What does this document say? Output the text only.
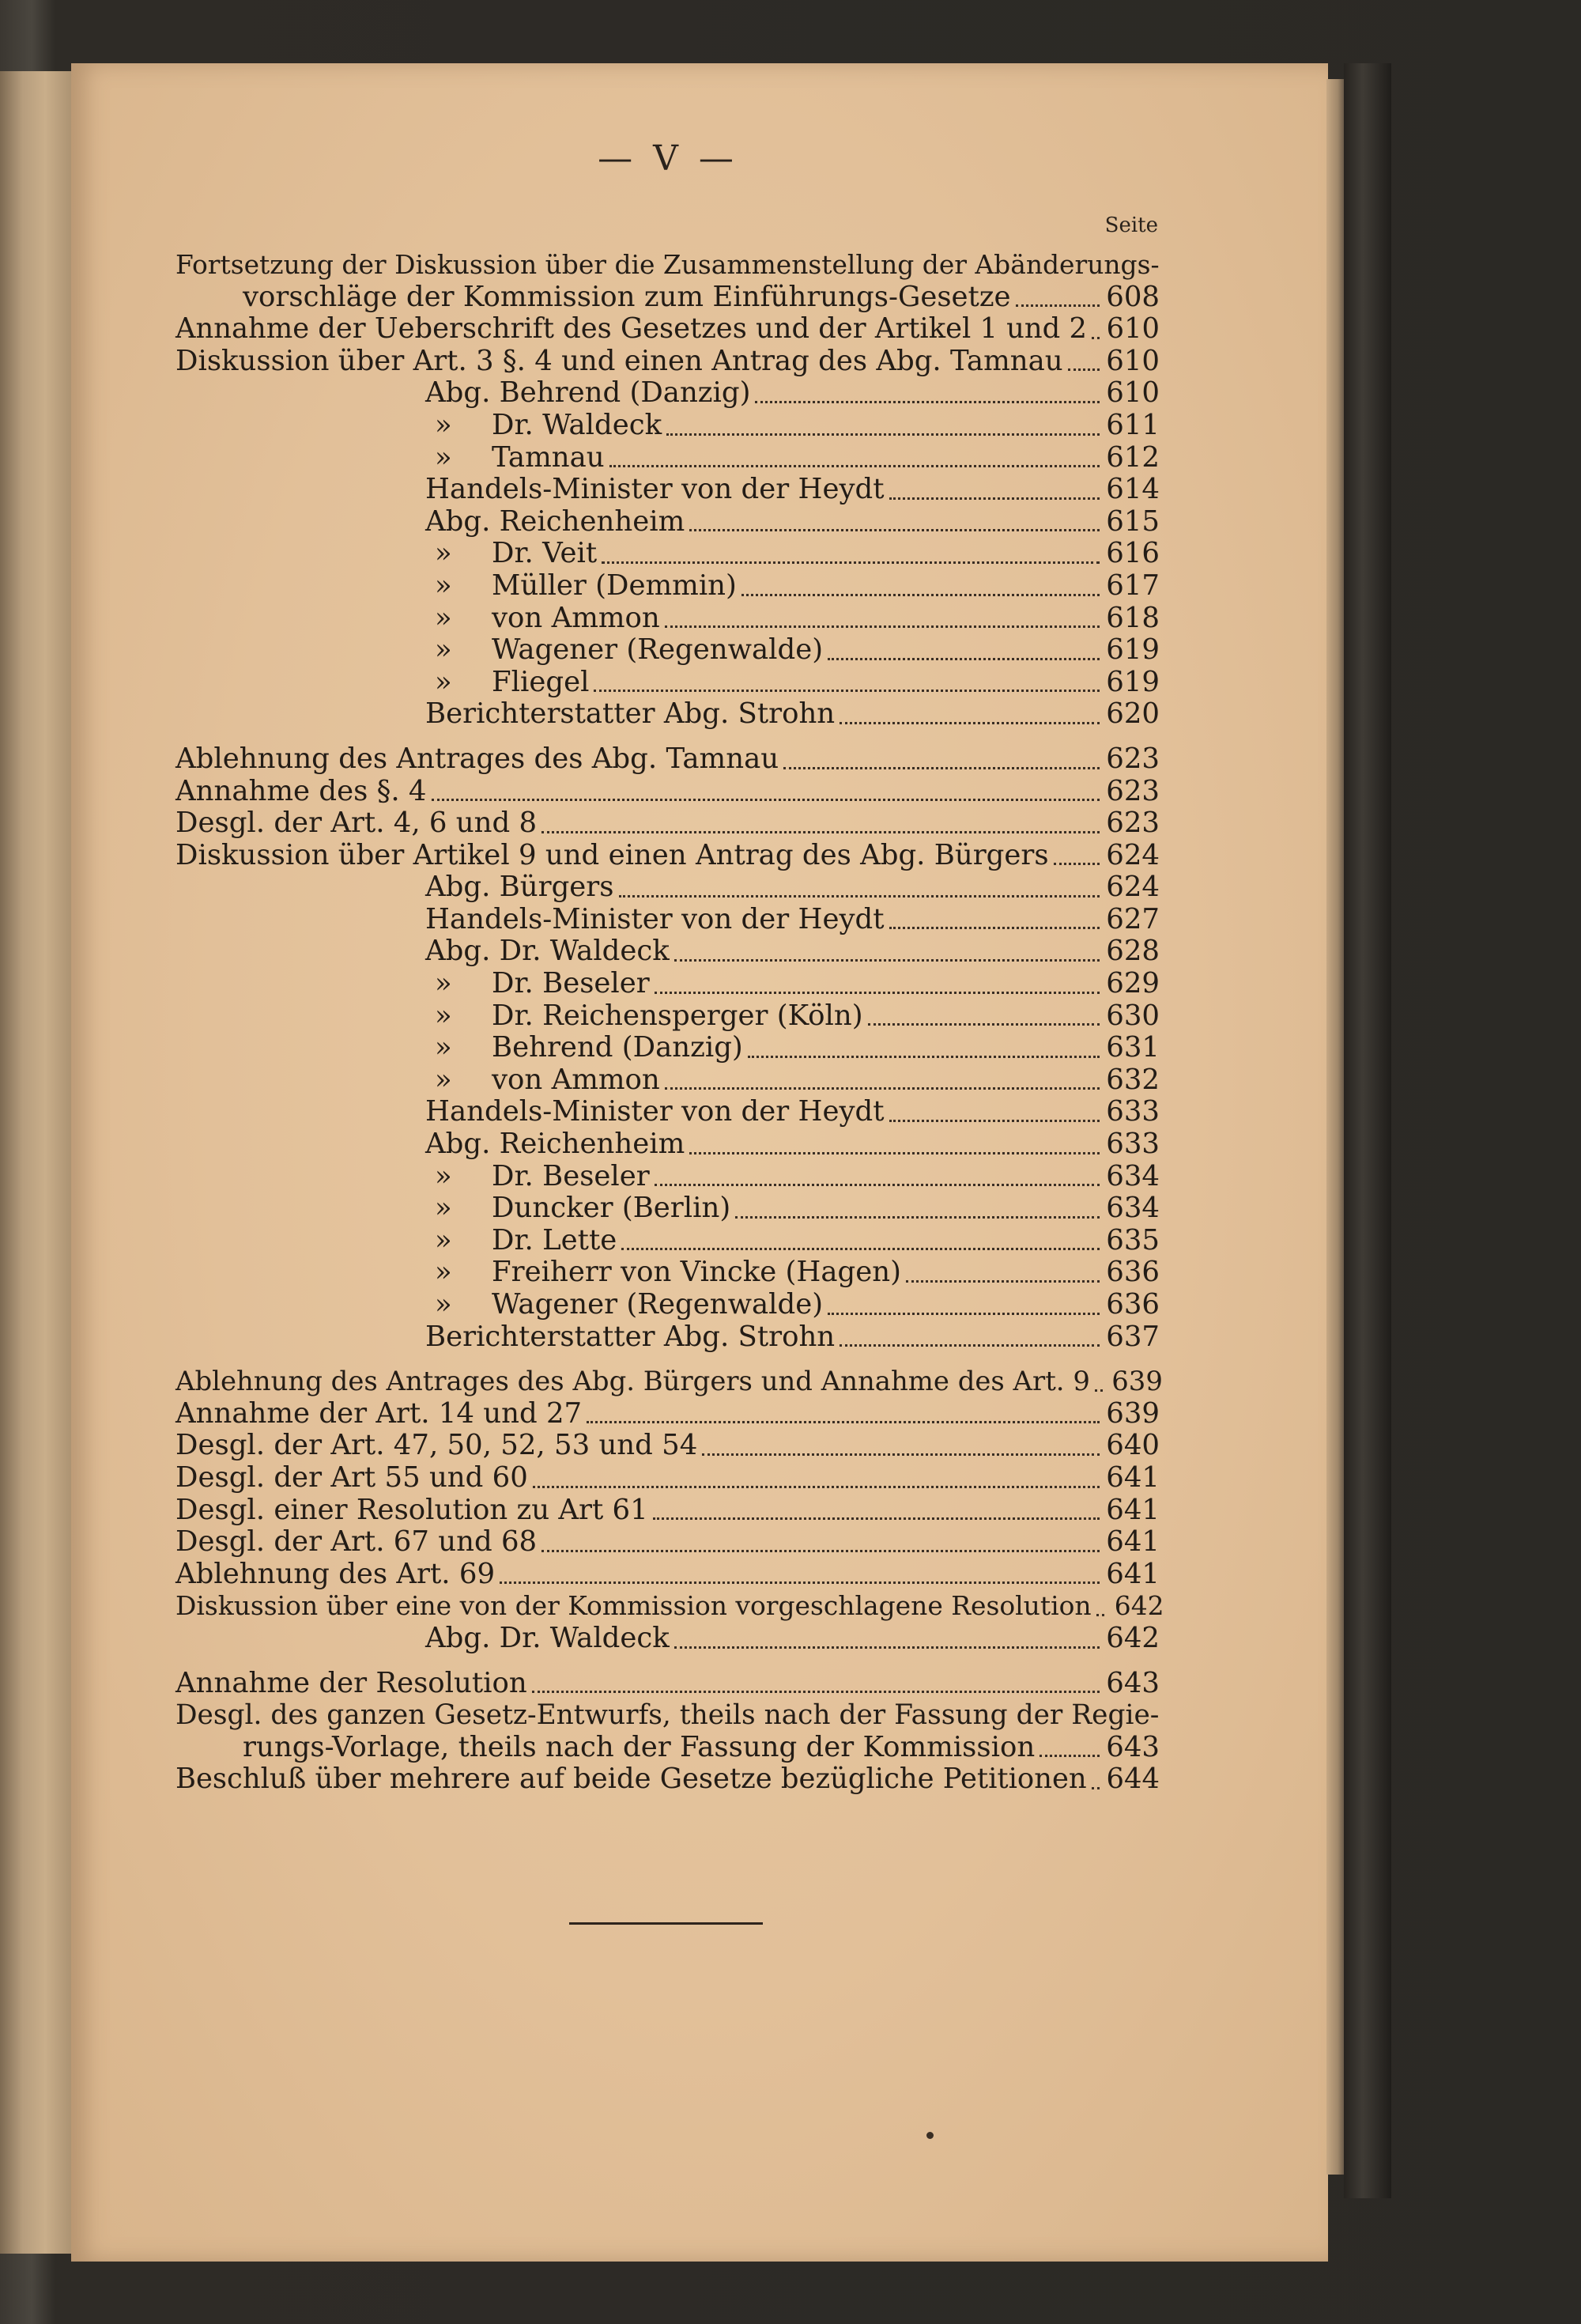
— V —
Seite
Fortsetzung der Diskussion über die Zusammenstellung der Abänderungs-
vorschläge der Kommission zum Einführungs-Gesetze	608
Annahme der Ueberschrift des Gesetzes und der Artikel 1 und 2 610
Diskussion über Art. 3 §. 4 und einen Antrag des Abg. Tamnau 610
Abg. Behrend (Danzig)	610
»	Dr. Waldeck	611
»	Tamnau	612
Handels-Minister von der Heydt	614
Abg. Reichenheim	615
»	Dr. Veit	616
»	Müller (Demmin)	617
»	von Ammon	618
»	Wagener (Regenwalde)	619
»	Fliegel	619
Berichterstatter Abg. Strohn	620
Ablehnung des Antrages des Abg. Tamnau	623
Annahme des §. 4	623
Desgl. der Art. 4, 6 und 8	623
Diskussion über Artikel 9 und einen Antrag des Abg. Bürgers 624
Abg. Bürgers	624
Handels-Minister von der Heydt	627
Abg. Dr. Waldeck	628
»	Dr. Beseler	629
»	Dr. Reichensperger (Köln)	630
»	Behrend (Danzig)	631
»	von Ammon	632
Handels-Minister von der Heydt	633
Abg. Reichenheim	633
»	Dr. Beseler	634
»	Duncker (Berlin)	634
»	Dr. Lette	635
»	Freiherr von Vincke (Hagen)	636
»	Wagener (Regenwalde)	636
Berichterstatter Abg. Strohn	637
Ablehnung des Antrages des Abg. Bürgers und Annahme des Art. 9 639
Annahme der Art. 14 und 27	639
Desgl. der Art. 47, 50, 52, 53 und 54	640
Desgl. der Art 55 und 60	641
Desgl. einer Resolution zu Art 61	641
Desgl. der Art. 67 und 68	641
Ablehnung des Art. 69	641
Diskussion über eine von der Kommission vorgeschlagene Resolution 642
Abg. Dr. Waldeck	642
Annahme der Resolution	643
Desgl. des ganzen Gesetz-Entwurfs, theils nach der Fassung der Regie-
rungs-Vorlage, theils nach der Fassung der Kommission	643
Beschluß über mehrere auf beide Gesetze bezügliche Petitionen 644
